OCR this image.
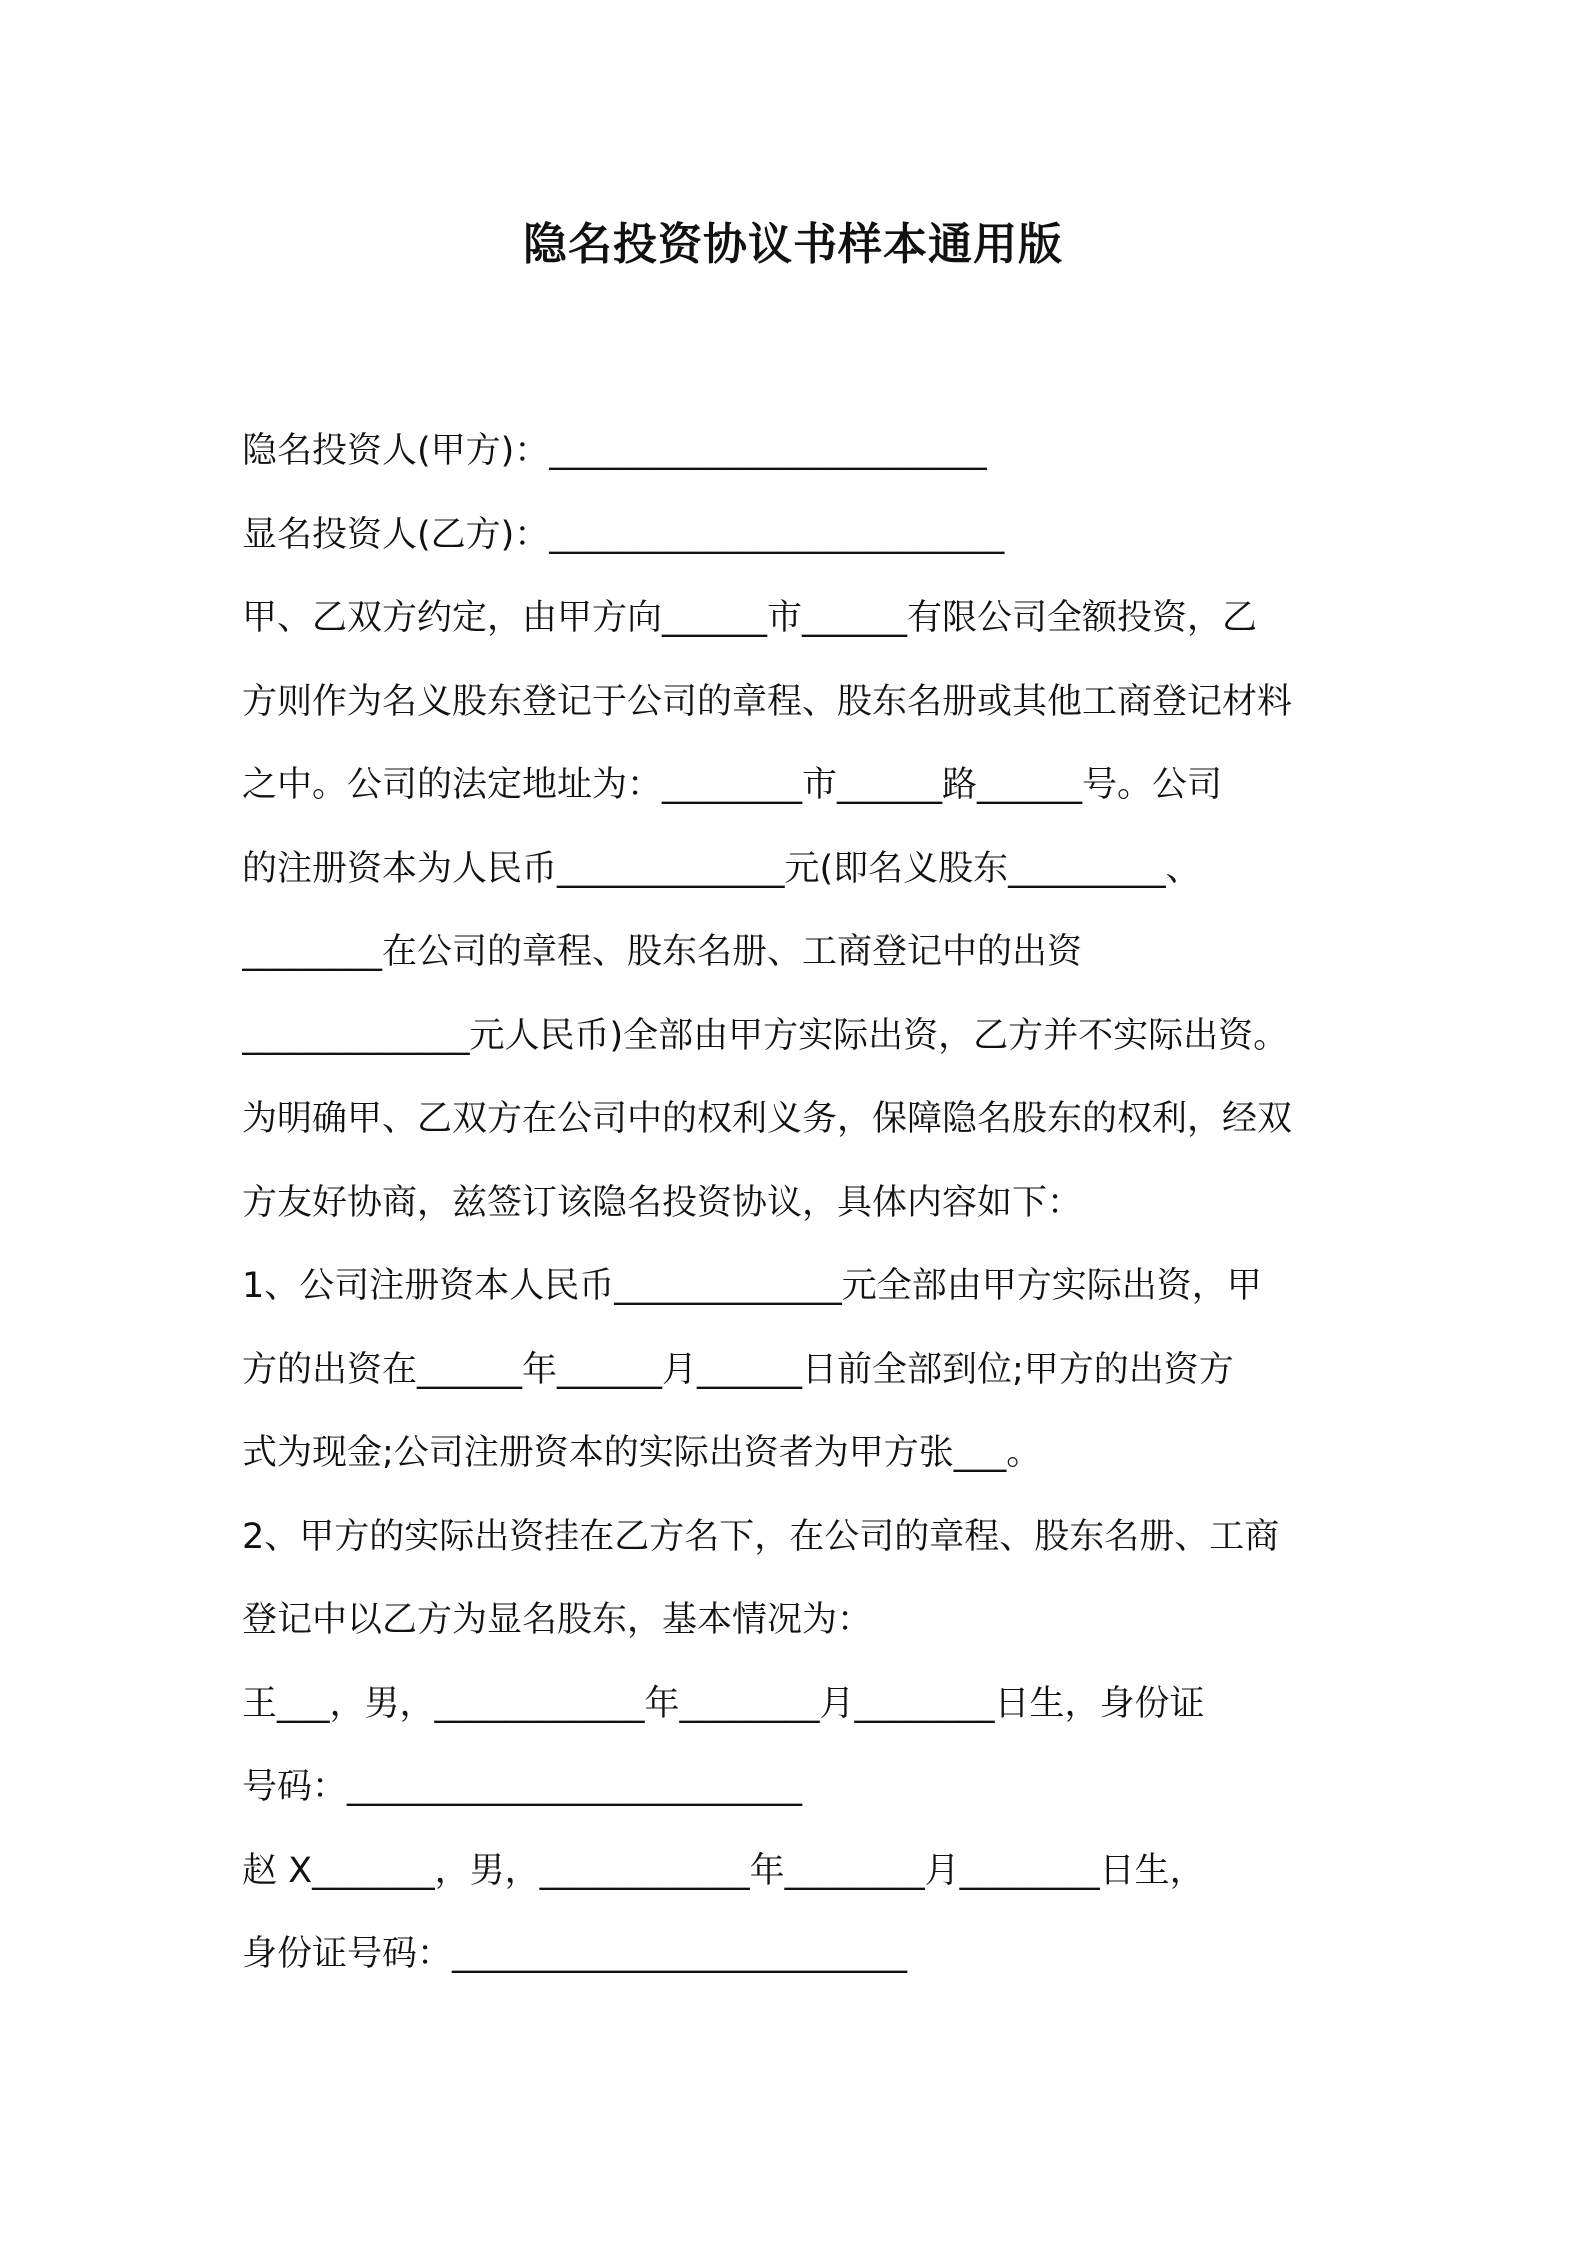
隐名投资协议书样本通用版
隐名投资人(甲方)：_________________________
显名投资人(乙方)：__________________________
甲、乙双方约定，由甲方向______市______有限公司全额投资，乙
方则作为名义股东登记于公司的章程、股东名册或其他工商登记材料
之中。公司的法定地址为：________市______路______号。公司
的注册资本为人民币_____________元(即名义股东_________、
________在公司的章程、股东名册、工商登记中的出资
_____________元人民币)全部由甲方实际出资，乙方并不实际出资。
为明确甲、乙双方在公司中的权利义务，保障隐名股东的权利，经双
方友好协商，兹签订该隐名投资协议，具体内容如下：
1、公司注册资本人民币_____________元全部由甲方实际出资，甲
方的出资在______年______月______日前全部到位;甲方的出资方
式为现金;公司注册资本的实际出资者为甲方张___。
2、甲方的实际出资挂在乙方名下，在公司的章程、股东名册、工商
登记中以乙方为显名股东，基本情况为：
王___，男，____________年________月________日生，身份证
号码：__________________________
赵 X_______，男，____________年________月________日生，
身份证号码：__________________________
